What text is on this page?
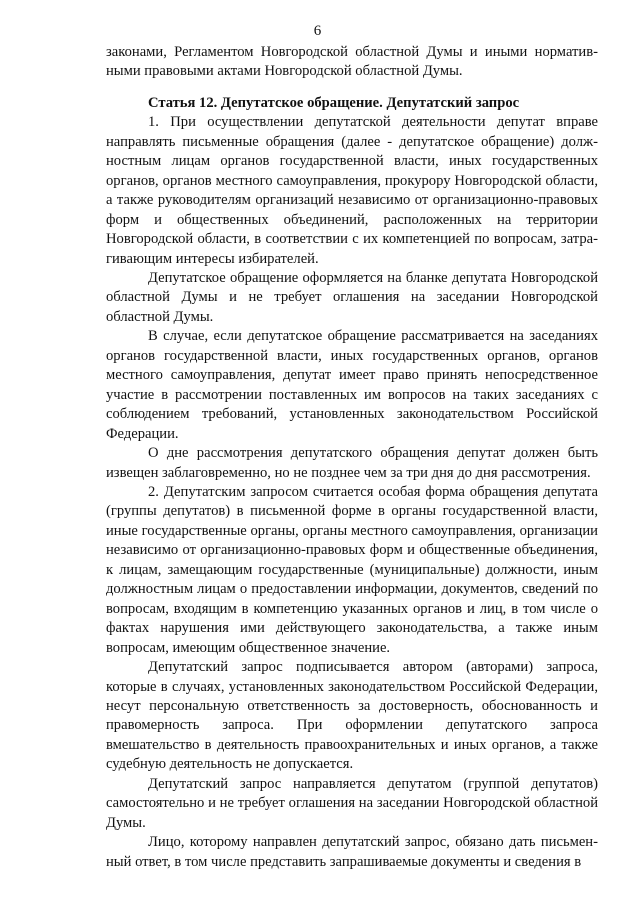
6

законами, Регламентом Новгородской областной Думы и иными нормативными правовыми актами Новгородской областной Думы.

Статья 12. Депутатское обращение. Депутатский запрос

1. При осуществлении депутатской деятельности депутат вправе направлять письменные обращения (далее - депутатское обращение) должностным лицам органов государственной власти, иных государственных органов, органов местного самоуправления, прокурору Новгородской области, а также руководителям организаций независимо от организационно-правовых форм и общественных объединений, расположенных на территории Новгородской области, в соответствии с их компетенцией по вопросам, затрагивающим интересы избирателей.

Депутатское обращение оформляется на бланке депутата Новгородской областной Думы и не требует оглашения на заседании Новгородской областной Думы.

В случае, если депутатское обращение рассматривается на заседаниях органов государственной власти, иных государственных органов, органов местного самоуправления, депутат имеет право принять непосредственное участие в рассмотрении поставленных им вопросов на таких заседаниях с соблюдением требований, установленных законодательством Российской Федерации.

О дне рассмотрения депутатского обращения депутат должен быть извещен заблаговременно, но не позднее чем за три дня до дня рассмотрения.

2. Депутатским запросом считается особая форма обращения депутата (группы депутатов) в письменной форме в органы государственной власти, иные государственные органы, органы местного самоуправления, организации независимо от организационно-правовых форм и общественные объединения, к лицам, замещающим государственные (муниципальные) должности, иным должностным лицам о предоставлении информации, документов, сведений по вопросам, входящим в компетенцию указанных органов и лиц, в том числе о фактах нарушения ими действующего законодательства, а также иным вопросам, имеющим общественное значение.

Депутатский запрос подписывается автором (авторами) запроса, которые в случаях, установленных законодательством Российской Федерации, несут персональную ответственность за достоверность, обоснованность и правомерность запроса. При оформлении депутатского запроса вмешательство в деятельность правоохранительных и иных органов, а также судебную деятельность не допускается.

Депутатский запрос направляется депутатом (группой депутатов) самостоятельно и не требует оглашения на заседании Новгородской областной Думы.

Лицо, которому направлен депутатский запрос, обязано дать письменный ответ, в том числе представить запрашиваемые документы и сведения в
